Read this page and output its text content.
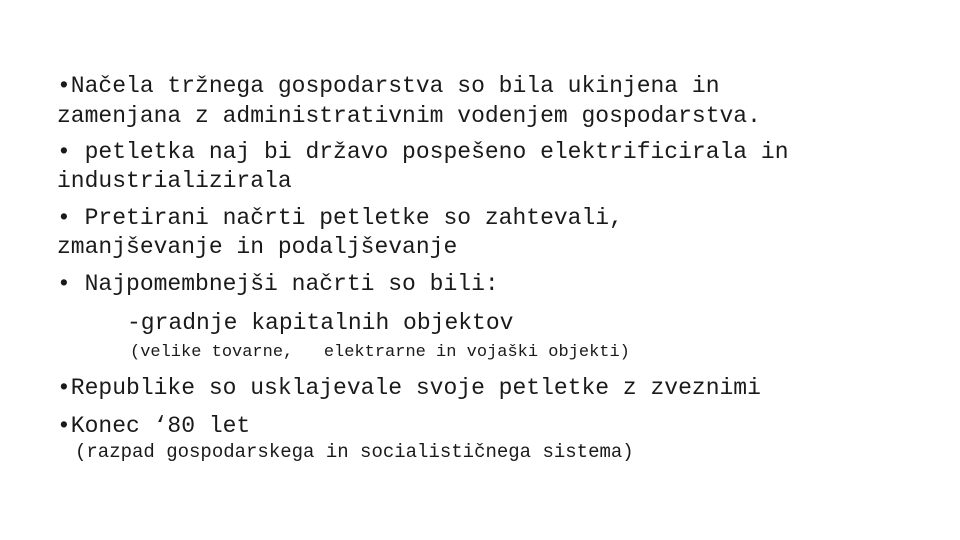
•Načela tržnega gospodarstva so bila ukinjena in
zamenjana z administrativnim vodenjem gospodarstva.
• petletka naj bi državo pospešeno elektrificirala in
industrializirala
• Pretirani načrti petletke so zahtevali,
zmanjševanje in podaljševanje
• Najpomembnejši načrti so bili:
-gradnje kapitalnih objektov
(velike tovarne,   elektrarne in vojaški objekti)
•Republike so usklajevale svoje petletke z zveznimi
•Konec ‘80 let
(razpad gospodarskega in socialističnega sistema)
